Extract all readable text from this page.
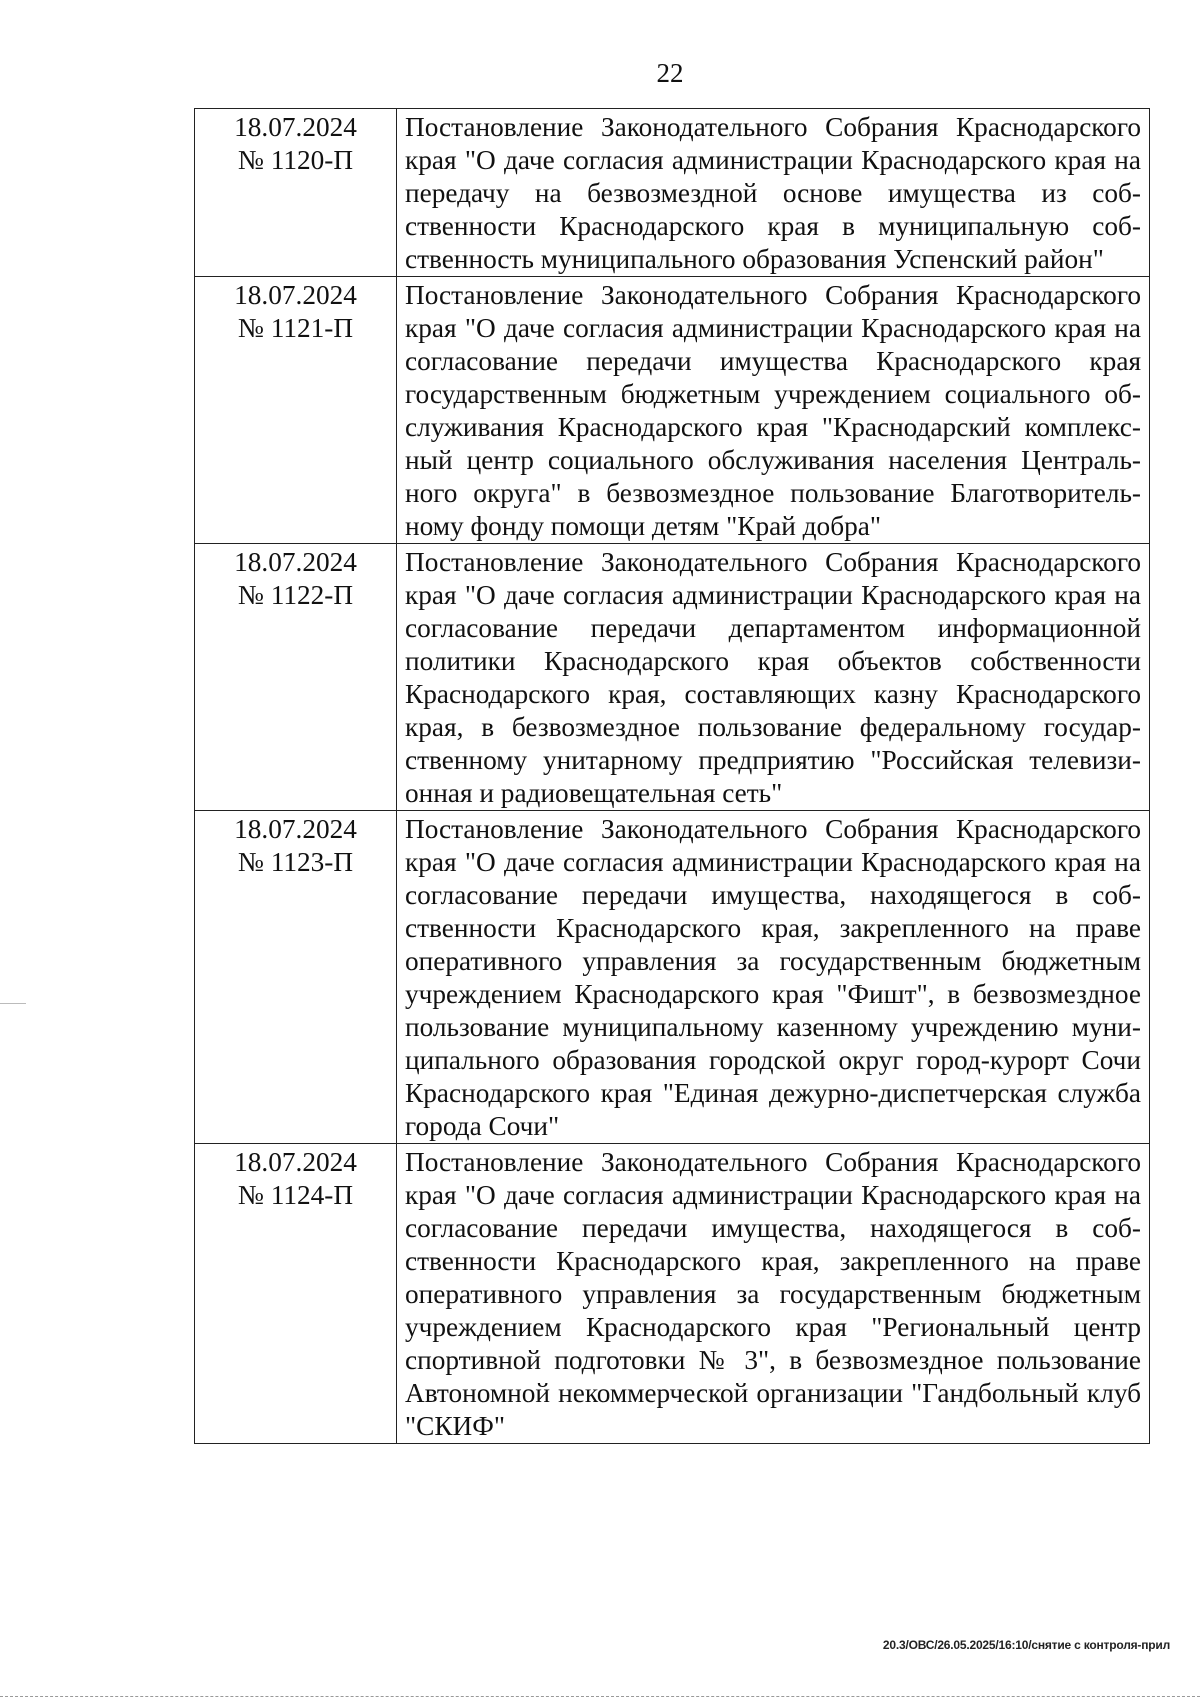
22
18.07.2024
№ 1120-П	Постановление Законодательного Собрания Краснодарского края "О даче согласия администрации Краснодарского края на передачу на безвозмездной основе имущества из собственности Краснодарского края в муниципальную собственность муниципального образования Успенский район"

18.07.2024
№ 1121-П	Постановление Законодательного Собрания Краснодарского края "О даче согласия администрации Краснодарского края на согласование передачи имущества Краснодарского края государственным бюджетным учреждением социального обслуживания Краснодарского края "Краснодарский комплексный центр социального обслуживания населения Центрального округа" в безвозмездное пользование Благотворительному фонду помощи детям "Край добра"

18.07.2024
№ 1122-П	Постановление Законодательного Собрания Краснодарского края "О даче согласия администрации Краснодарского края на согласование передачи департаментом информационной политики Краснодарского края объектов собственности Краснодарского края, составляющих казну Краснодарского края, в безвозмездное пользование федеральному государственному унитарному предприятию "Российская телевизионная и радиовещательная сеть"

18.07.2024
№ 1123-П	Постановление Законодательного Собрания Краснодарского края "О даче согласия администрации Краснодарского края на согласование передачи имущества, находящегося в собственности Краснодарского края, закрепленного на праве оперативного управления за государственным бюджетным учреждением Краснодарского края "Фишт", в безвозмездное пользование муниципальному казенному учреждению муниципального образования городской округ город-курорт Сочи Краснодарского края "Единая дежурно-диспетчерская служба города Сочи"

18.07.2024
№ 1124-П	Постановление Законодательного Собрания Краснодарского края "О даче согласия администрации Краснодарского края на согласование передачи имущества, находящегося в собственности Краснодарского края, закрепленного на праве оперативного управления за государственным бюджетным учреждением Краснодарского края "Региональный центр спортивной подготовки № 3", в безвозмездное пользование Автономной некоммерческой организации "Гандбольный клуб "СКИФ"
20.3/ОВС/26.05.2025/16:10/снятие с контроля-прил
